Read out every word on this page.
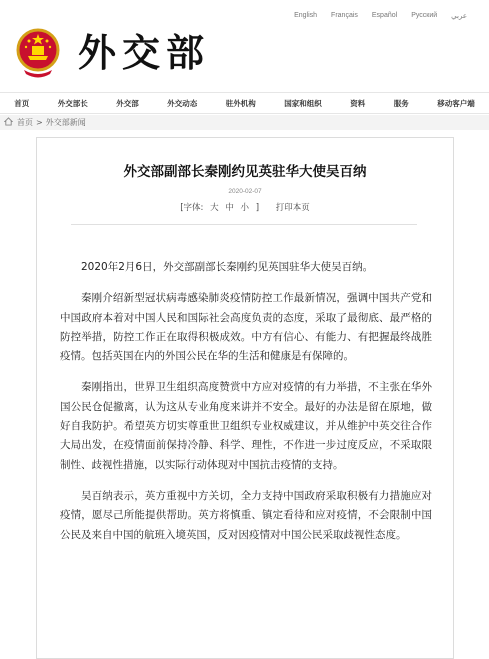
English Français Español Русский عربي
外交部
首页	外交部长	外交部	外交动态	驻外机构	国家和组织	资料	服务	移动客户端
首页 > 外交部新闻
外交部副部长秦刚约见英驻华大使吴百纳
2020-02-07
[字体: 大 中 小 ] 打印本页

2020年2月6日，外交部副部长秦刚约见英国驻华大使吴百纳。

秦刚介绍新型冠状病毒感染肺炎疫情防控工作最新情况，强调中国共产党和中国政府本着对中国人民和国际社会高度负责的态度，采取了最彻底、最严格的防控举措，防控工作正在取得积极成效。中方有信心、有能力、有把握最终战胜疫情。包括英国在内的外国公民在华的生活和健康是有保障的。

秦刚指出，世界卫生组织高度赞赏中方应对疫情的有力举措，不主张在华外国公民仓促撤离，认为这从专业角度来讲并不安全。最好的办法是留在原地，做好自我防护。希望英方切实尊重世卫组织专业权威建议，并从维护中英交往合作大局出发，在疫情面前保持冷静、科学、理性，不作进一步过度反应，不采取限制性、歧视性措施，以实际行动体现对中国抗击疫情的支持。

吴百纳表示，英方重视中方关切，全力支持中国政府采取积极有力措施应对疫情，愿尽己所能提供帮助。英方将慎重、镇定看待和应对疫情，不会限制中国公民及来自中国的航班入境英国，反对因疫情对中国公民采取歧视性态度。
